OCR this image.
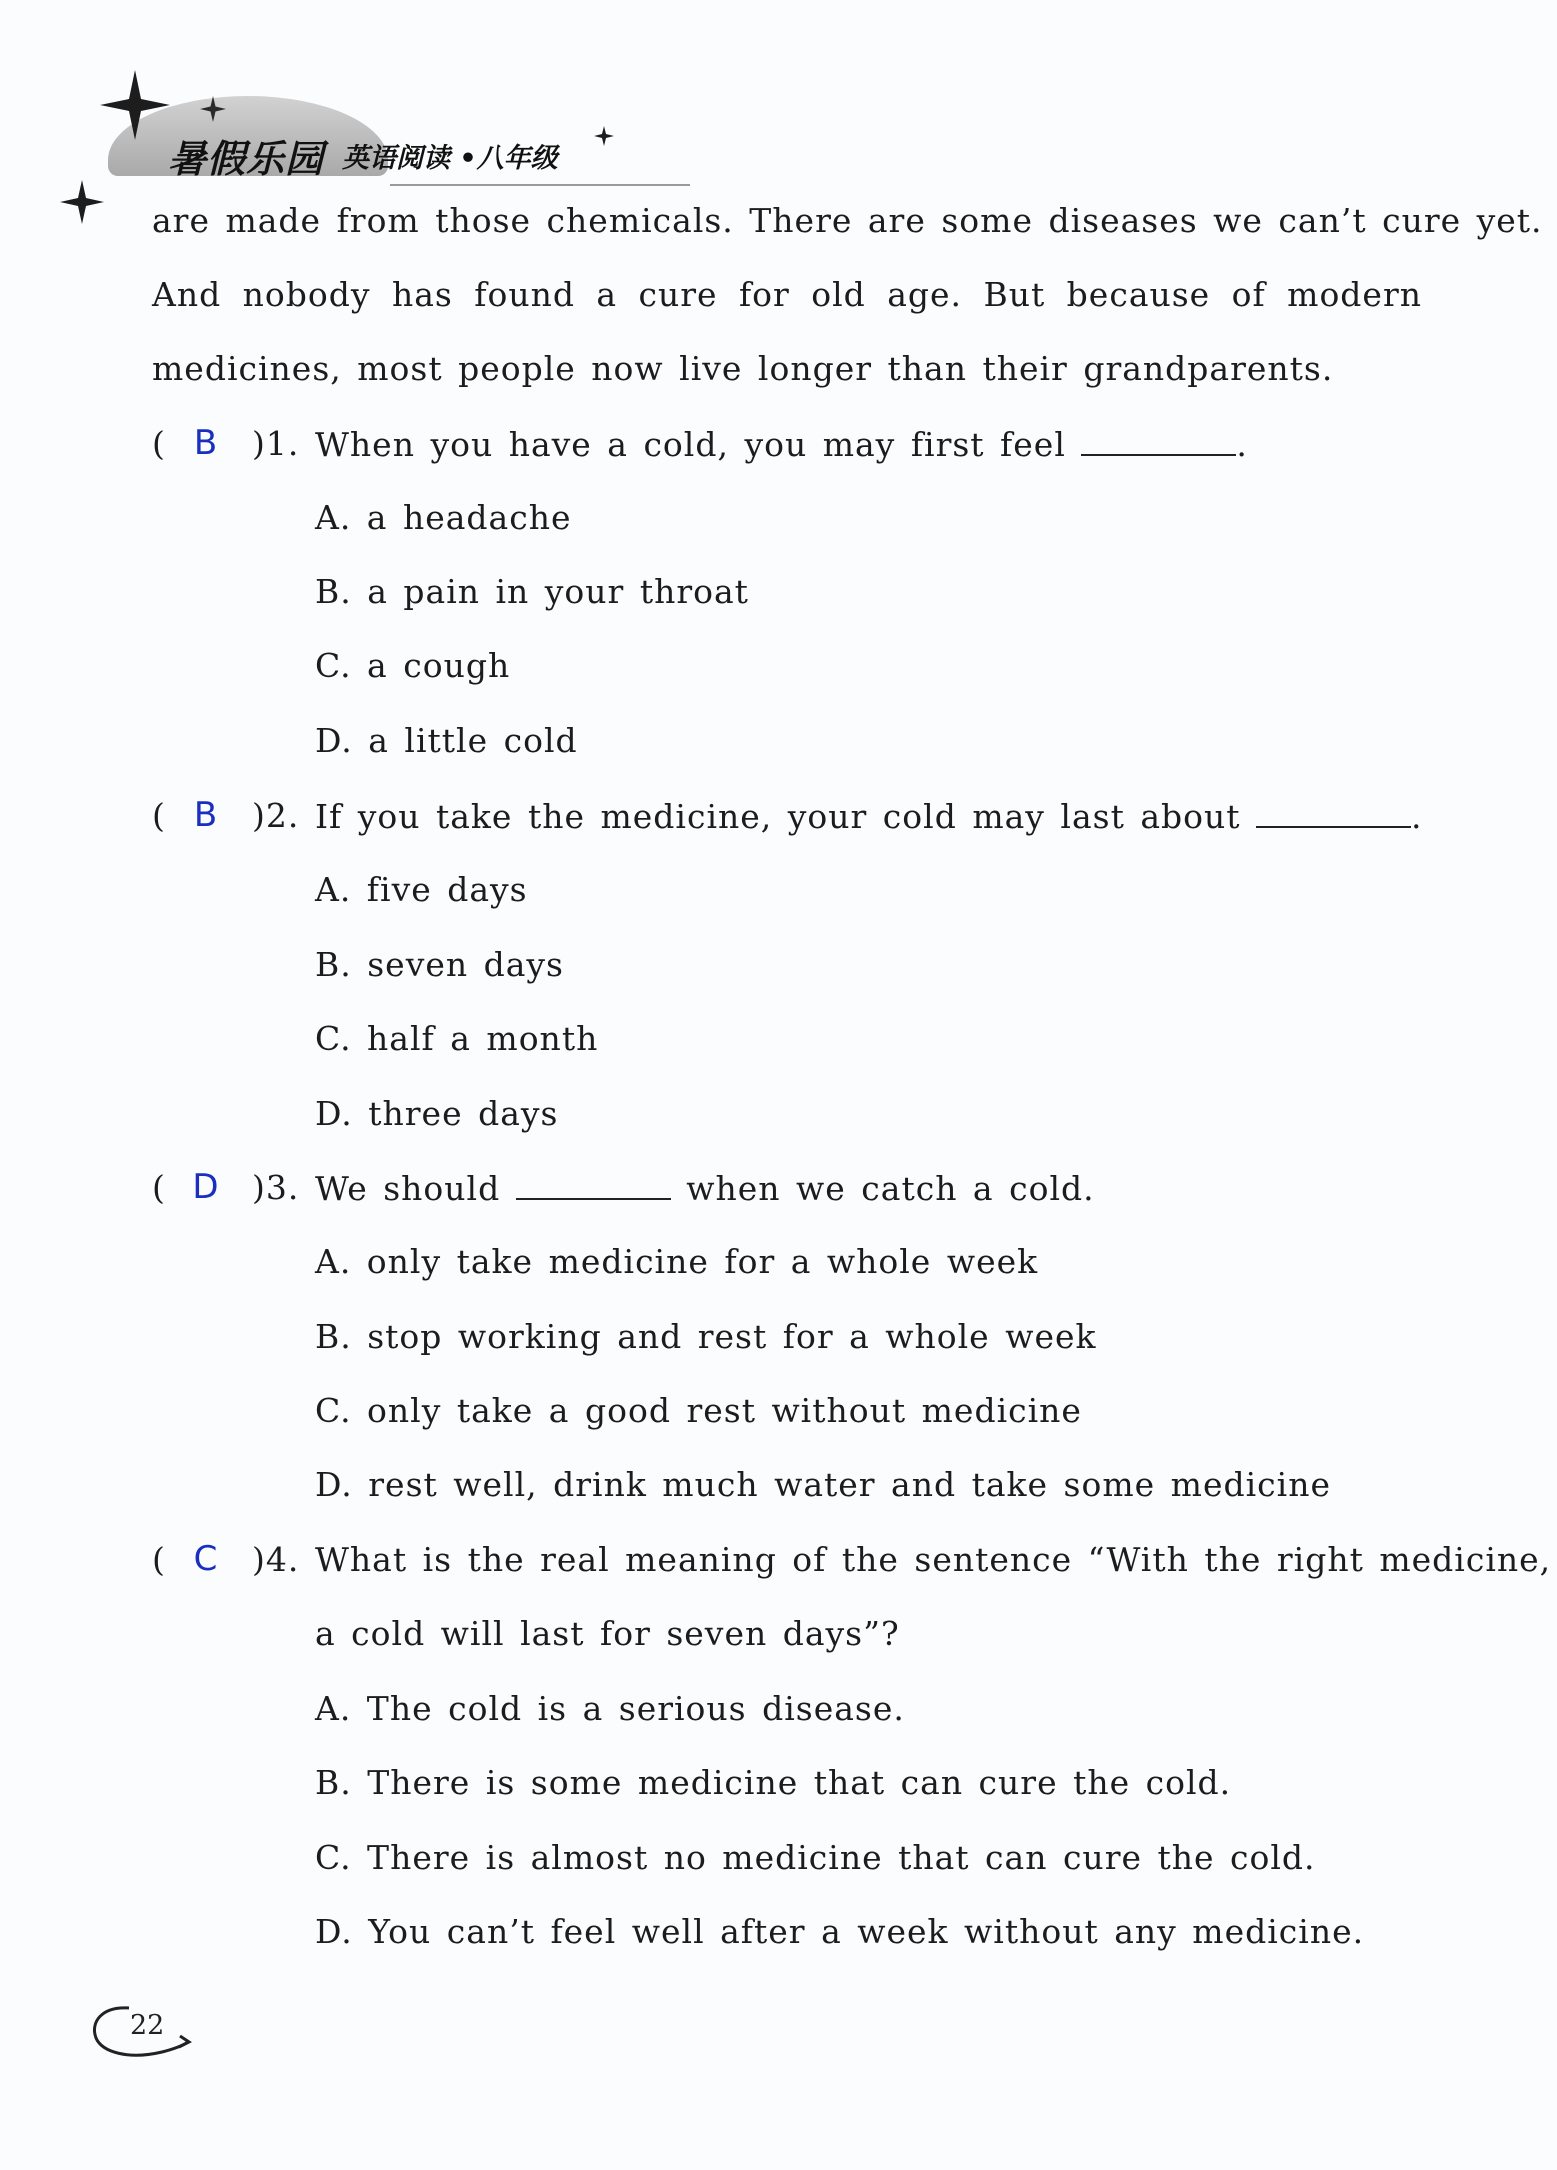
暑假乐园 英语阅读 •八年级
are made from those chemicals. There are some diseases we can’t cure yet.
And nobody has found a cure for old age. But because of modern
medicines, most people now live longer than their grandparents.
( B )1. When you have a cold, you may first feel	.
A. a headache
B. a pain in your throat
C. a cough
D. a little cold
( B )2. If you take the medicine, your cold may last about	.
A. five days
B. seven days
C. half a month
D. three days
( D )3. We should	when we catch a cold.
A. only take medicine for a whole week
B. stop working and rest for a whole week
C. only take a good rest without medicine
D. rest well, drink much water and take some medicine
( C )4. What is the real meaning of the sentence “With the right medicine,
a cold will last for seven days”?
A. The cold is a serious disease.
B. There is some medicine that can cure the cold.
C. There is almost no medicine that can cure the cold.
D. You can’t feel well after a week without any medicine.
22
